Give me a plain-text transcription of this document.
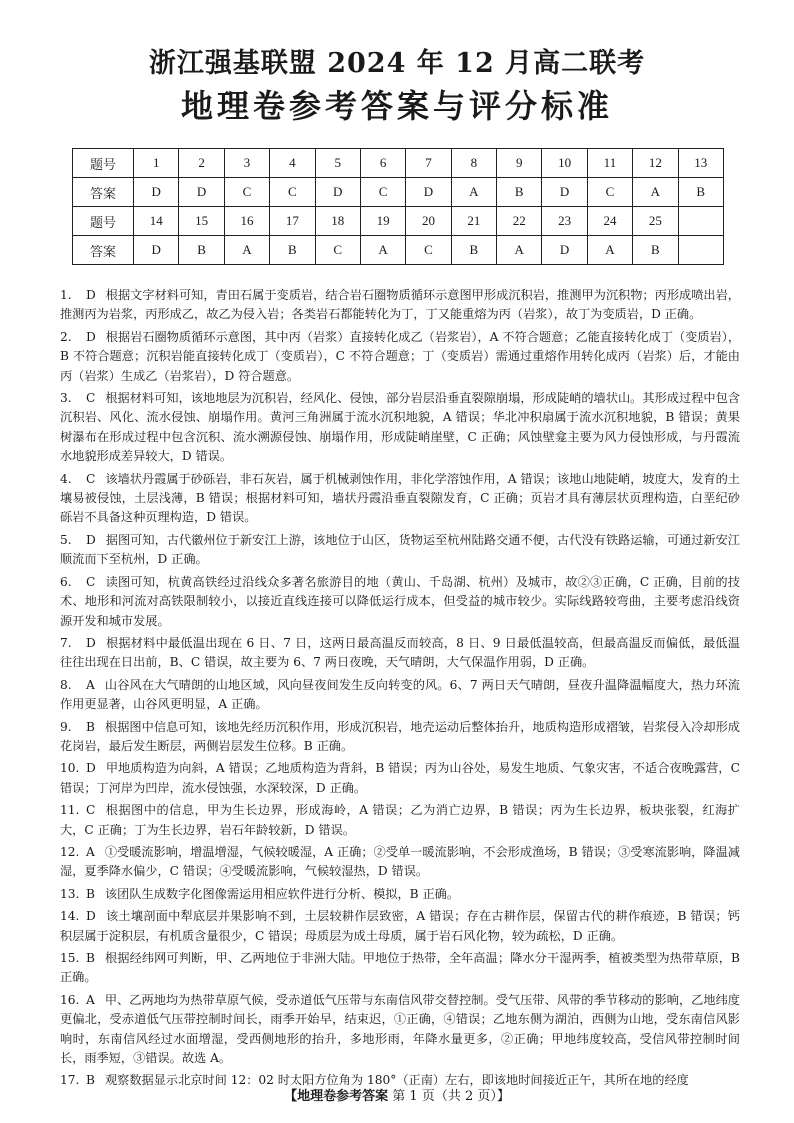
浙江强基联盟 2024 年 12 月高二联考
地理卷参考答案与评分标准
题号	1	2	3	4	5	6	7	8	9	10	11	12	13
答案	D	D	C	C	D	C	D	A	B	D	C	A	B
题号	14	15	16	17	18	19	20	21	22	23	24	25	
答案	D	B	A	B	C	A	C	B	A	D	A	B	
1. D 根据文字材料可知，青田石属于变质岩，结合岩石圈物质循环示意图甲形成沉积岩，推测甲为沉积物；丙形成喷出岩，推测丙为岩浆，丙形成乙，故乙为侵入岩；各类岩石都能转化为丁，丁又能重熔为丙（岩浆），故丁为变质岩，D 正确。
2. D 根据岩石圈物质循环示意图，其中丙（岩浆）直接转化成乙（岩浆岩），A 不符合题意；乙能直接转化成丁（变质岩），B 不符合题意；沉积岩能直接转化成丁（变质岩），C 不符合题意；丁（变质岩）需通过重熔作用转化成丙（岩浆）后，才能由丙（岩浆）生成乙（岩浆岩），D 符合题意。
3. C 根据材料可知，该地地层为沉积岩，经风化、侵蚀，部分岩层沿垂直裂隙崩塌，形成陡峭的墙状山。其形成过程中包含沉积岩、风化、流水侵蚀、崩塌作用。黄河三角洲属于流水沉积地貌，A 错误；华北冲积扇属于流水沉积地貌，B 错误；黄果树瀑布在形成过程中包含沉积、流水溯源侵蚀、崩塌作用，形成陡峭崖壁，C 正确；风蚀壁龛主要为风力侵蚀形成，与丹霞流水地貌形成差异较大，D 错误。
4. C 该墙状丹霞属于砂砾岩，非石灰岩，属于机械剥蚀作用，非化学溶蚀作用，A 错误；该地山地陡峭，坡度大，发育的土壤易被侵蚀，土层浅薄，B 错误；根据材料可知，墙状丹霞沿垂直裂隙发育，C 正确；页岩才具有薄层状页理构造，白垩纪砂砾岩不具备这种页理构造，D 错误。
5. D 据图可知，古代徽州位于新安江上游，该地位于山区，货物运至杭州陆路交通不便，古代没有铁路运输，可通过新安江顺流而下至杭州，D 正确。
6. C 读图可知，杭黄高铁经过沿线众多著名旅游目的地（黄山、千岛湖、杭州）及城市，故②③正确，C 正确，目前的技术、地形和河流对高铁限制较小，以接近直线连接可以降低运行成本，但受益的城市较少。实际线路较弯曲，主要考虑沿线资源开发和城市发展。
7. D 根据材料中最低温出现在 6 日、7 日，这两日最高温反而较高，8 日、9 日最低温较高，但最高温反而偏低，最低温往往出现在日出前，B、C 错误，故主要为 6、7 两日夜晚，天气晴朗，大气保温作用弱，D 正确。
8. A 山谷风在大气晴朗的山地区域，风向昼夜间发生反向转变的风。6、7 两日天气晴朗，昼夜升温降温幅度大，热力环流作用更显著，山谷风更明显，A 正确。
9. B 根据图中信息可知，该地先经历沉积作用，形成沉积岩，地壳运动后整体抬升，地质构造形成褶皱，岩浆侵入冷却形成花岗岩，最后发生断层，两侧岩层发生位移。B 正确。
10. D 甲地质构造为向斜，A 错误；乙地质构造为背斜，B 错误；丙为山谷处，易发生地质、气象灾害，不适合夜晚露营，C 错误；丁河岸为凹岸，流水侵蚀强，水深较深，D 正确。
11. C 根据图中的信息，甲为生长边界，形成海岭，A 错误；乙为消亡边界，B 错误；丙为生长边界，板块张裂，红海扩大，C 正确；丁为生长边界，岩石年龄较新，D 错误。
12. A ①受暖流影响，增温增湿，气候较暖湿，A 正确；②受单一暖流影响，不会形成渔场，B 错误；③受寒流影响，降温减湿，夏季降水偏少，C 错误；④受暖流影响，气候较湿热，D 错误。
13. B 该团队生成数字化图像需运用相应软件进行分析、模拟，B 正确。
14. D 该土壤剖面中犁底层并果影响不到，土层较耕作层致密，A 错误；存在古耕作层，保留古代的耕作痕迹，B 错误；钙积层属于淀积层，有机质含量很少，C 错误；母质层为成土母质，属于岩石风化物，较为疏松，D 正确。
15. B 根据经纬网可判断，甲、乙两地位于非洲大陆。甲地位于热带，全年高温；降水分干湿两季，植被类型为热带草原，B 正确。
16. A 甲、乙两地均为热带草原气候，受赤道低气压带与东南信风带交替控制。受气压带、风带的季节移动的影响，乙地纬度更偏北，受赤道低气压带控制时间长，雨季开始早，结束迟，①正确，④错误；乙地东侧为湖泊，西侧为山地，受东南信风影响时，东南信风经过水面增湿，受西侧地形的抬升，多地形雨，年降水量更多，②正确；甲地纬度较高，受信风带控制时间长，雨季短，③错误。故选 A。
17. B 观察数据显示北京时间 12：02 时太阳方位角为 180°（正南）左右，即该地时间接近正午，其所在地的经度
【地理卷参考答案 第 1 页（共 2 页）】
